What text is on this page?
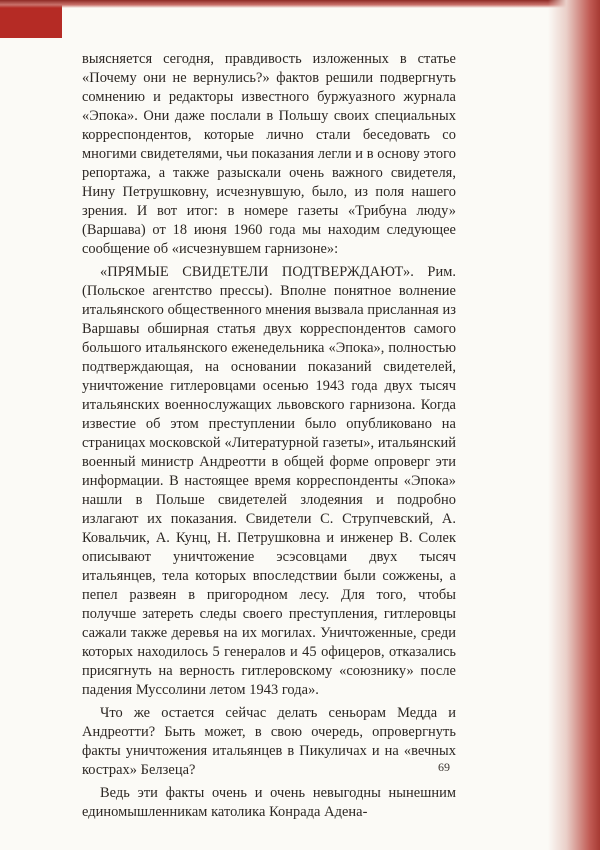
выясняется сегодня, правдивость изложенных в статье «Почему они не вернулись?» фактов решили подвергнуть сомнению и редакторы известного буржуазного журнала «Эпока». Они даже послали в Польшу своих специальных корреспондентов, которые лично стали беседовать со многими свидетелями, чьи показания легли и в основу этого репортажа, а также разыскали очень важного свидетеля, Нину Петрушковну, исчезнувшую, было, из поля нашего зрения. И вот итог: в номере газеты «Трибуна люду» (Варшава) от 18 июня 1960 года мы находим следующее сообщение об «исчезнувшем гарнизоне»:

«ПРЯМЫЕ СВИДЕТЕЛИ ПОДТВЕРЖДАЮТ». Рим. (Польское агентство прессы). Вполне понятное волнение итальянского общественного мнения вызвала присланная из Варшавы обширная статья двух корреспондентов самого большого итальянского еженедельника «Эпока», полностью подтверждающая, на основании показаний свидетелей, уничтожение гитлеровцами осенью 1943 года двух тысяч итальянских военнослужащих львовского гарнизона. Когда известие об этом преступлении было опубликовано на страницах московской «Литературной газеты», итальянский военный министр Андреотти в общей форме опроверг эти информации. В настоящее время корреспонденты «Эпока» нашли в Польше свидетелей злодеяния и подробно излагают их показания. Свидетели С. Струпчевский, А. Ковальчик, А. Кунц, Н. Петрушковна и инженер В. Солек описывают уничтожение эсэсовцами двух тысяч итальянцев, тела которых впоследствии были сожжены, а пепел развеян в пригородном лесу. Для того, чтобы получше затереть следы своего преступления, гитлеровцы сажали также деревья на их могилах. Уничтоженные, среди которых находилось 5 генералов и 45 офицеров, отказались присягнуть на верность гитлеровскому «союзнику» после падения Муссолини летом 1943 года».

Что же остается сейчас делать сеньорам Медда и Андреотти? Быть может, в свою очередь, опровергнуть факты уничтожения итальянцев в Пикуличах и на «вечных кострах» Белзеца?

Ведь эти факты очень и очень невыгодны нынешним единомышленникам католика Конрада Адена-

69
